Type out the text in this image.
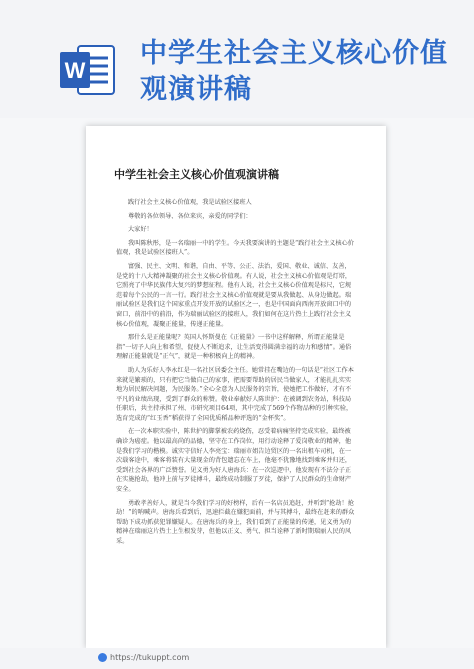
W
中学生社会主义核心价值观演讲稿
中学生社会主义核心价值观演讲稿

践行社会主义核心价值观，我是试验区接班人

尊敬的各位领导、各位来宾，亲爱的同学们：

大家好！

我叫陈秋彤，是一名瑞丽一中的学生。今天我要演讲的主题是“践行社会主义核心价值观，我是试验区接班人”。

富强、民主、文明、和谐，自由、平等、公正、法治，爱国、敬业、诚信、友善，是党的十八大精神凝聚的社会主义核心价值观。有人说，社会主义核心价值观是灯塔，它照亮了中华民族伟大复兴的梦想征程。他有人说，社会主义核心价值观是标尺，它规范着每个公民的一言一行。践行社会主义核心价值观就是要从我做起、从身边做起。瑞丽试验区是我们这个国家重点开发开放的试验区之一，也是中国面向西南开放窗口中的窗口，前沿中的前沿，作为瑞丽试验区的接班人，我们如何在这片热土上践行社会主义核心价值观，凝聚正能量，传递正能量。

那什么是正能量呢？英国人怀斯曼在《正能量》一书中这样解释，所谓正能量是指“一切予人向上和希望，促使人不断追求，让生活变得圆满幸福的动力和感情”。通俗理解正能量就是“正气”，就是一种积极向上的精神。

助人为乐好人李永红是一名社区居委会主任。她常挂在嘴边的一句话是“社区工作本来就是繁琐的，只有把它当做自己的家事，把需要帮助的居民当做家人，才能扎扎实实地为居民解决问题，为民服务。”全心全意为人民服务的宗旨，使她把工作做好，才有不平凡的业绩出现，受到了群众的称赞。敬业奉献好人陈世护：在被调到农务站，科技局任职后，共主持承担了州、市研究项目64项，其中完成了569个作物品种的引种实验，选育完成的“红玉香”稻获得了全国优质稻品种评选的“金杯奖”。

在一次本职实验中，陈世护的脚掌被农药烧伤，忍受着病痛坚持完成实验，最终被确诊为癌症。他以最高尚的品德，坚守在工作岗位，用行动诠释了爱岗敬业的精神，他是我们学习的楷模。诚实守信好人李亮宝：瑞丽市姐告边贸区的一名出租车司机，在一次载客途中，乘客将装有大量现金的背包遗忘在车上，他毫不犹豫地找到乘客并归还，受到社会各界的广泛赞誉。见义勇为好人唐海兵：在一次巡逻中，他发现有不法分子正在实施抢劫，他冲上前与歹徒搏斗，最终成功制服了歹徒，保护了人民群众的生命财产安全。

勇敢孝善好人，就是当今我们学习的好榜样，后有一名店员追赶，并听到“抢劫！抢劫！”的呐喊声。唐海兵看到后，迅速拦截在嫌犯面前，并与其搏斗，最终在赶来的群众帮助下成功抓获犯罪嫌疑人。在唐海兵的身上，我们看到了正能量的传递，见义勇为的精神在瑞丽这片热土上生根发芽，但他以正义、勇气、担当诠释了新时期瑞丽人民的风采。

https://tukuppt.com
